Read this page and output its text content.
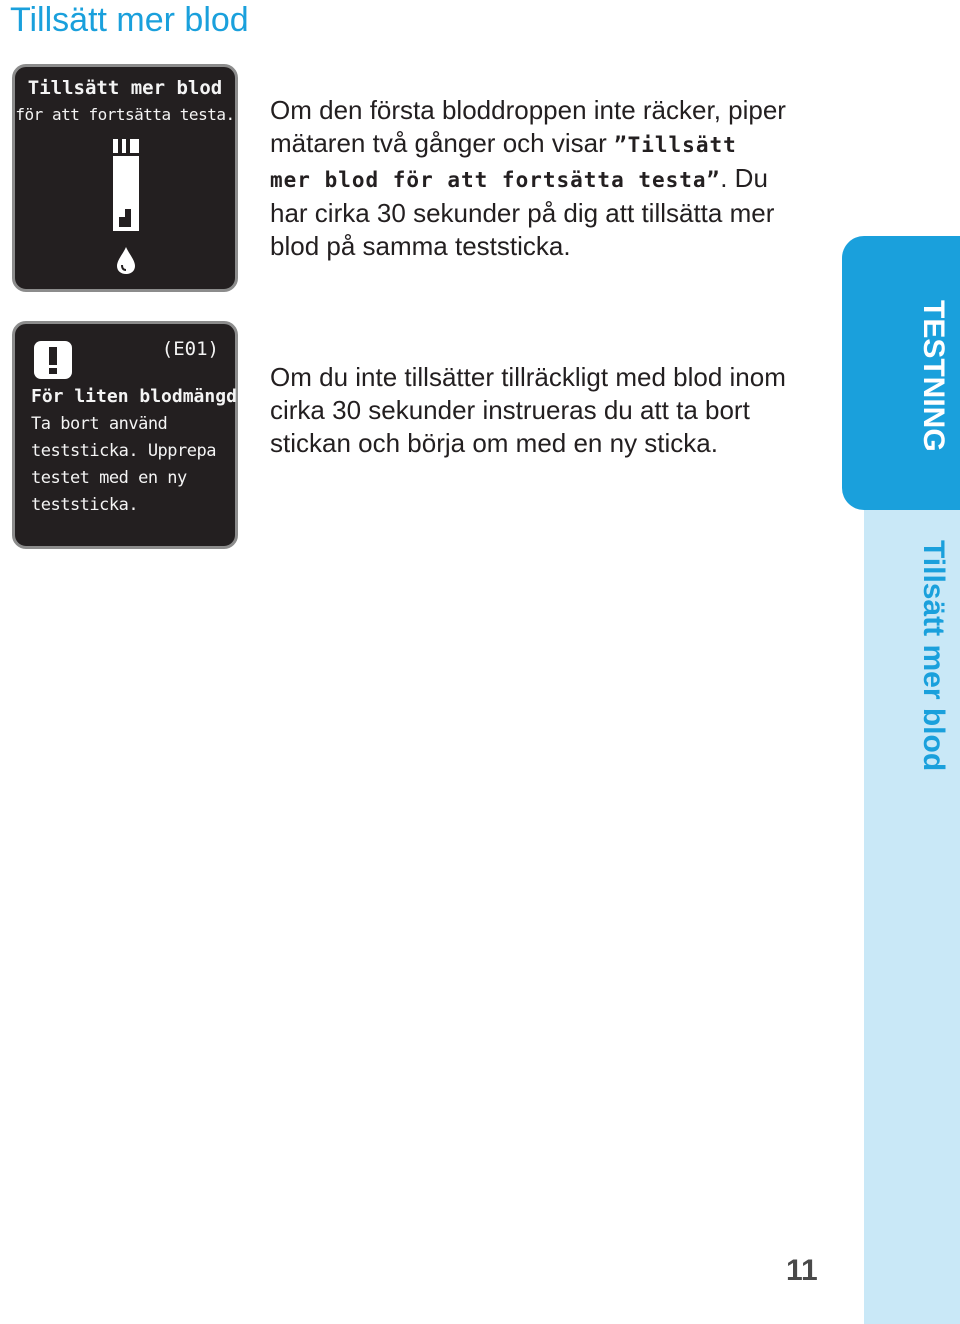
Tillsätt mer blod
TESTNING
Tillsätt mer blod
Tillsätt mer blod
för att fortsätta testa.
(E01)
För liten blodmängd
Ta bort använd
teststicka. Upprepa
testet med en ny
teststicka.

Om den första bloddroppen inte räcker, piper mätaren två gånger och visar ”Tillsätt mer blod för att fortsätta testa”. Du har cirka 30 sekunder på dig att tillsätta mer blod på samma teststicka.

Om du inte tillsätter tillräckligt med blod inom cirka 30 sekunder instrueras du att ta bort stickan och börja om med en ny sticka.

11
